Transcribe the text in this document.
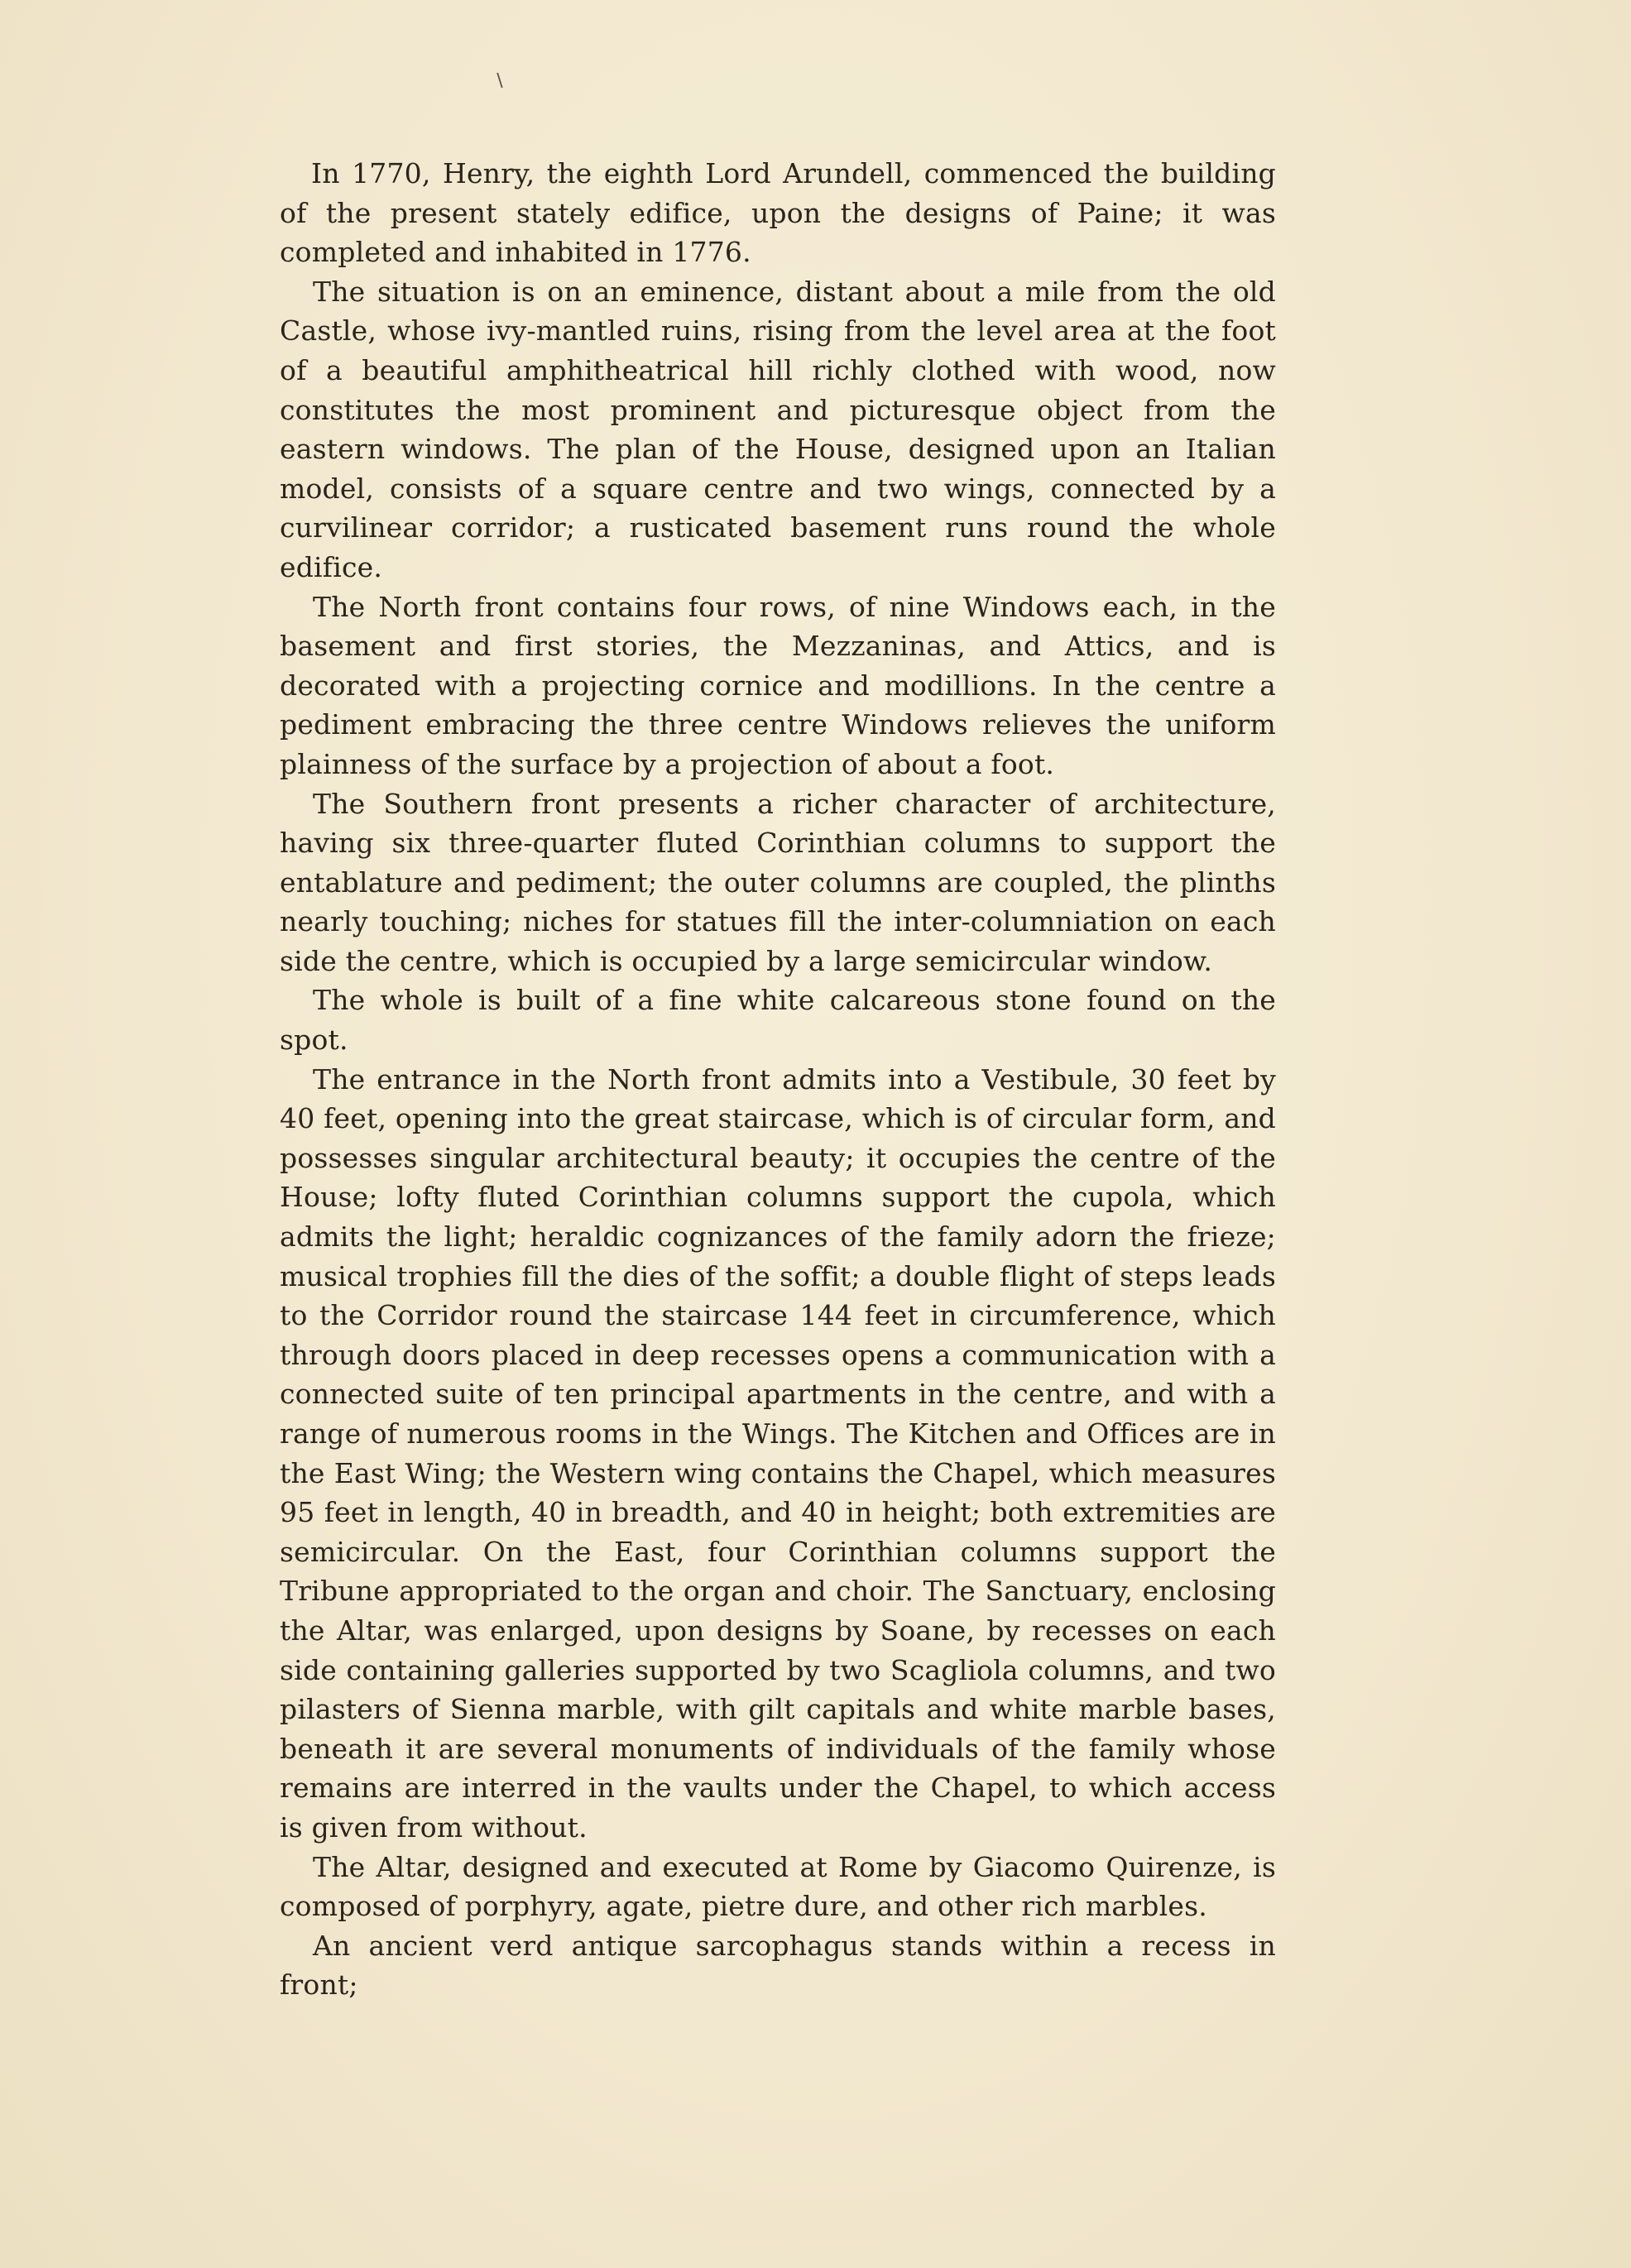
∖

In 1770, Henry, the eighth Lord Arundell, commenced the building of the present stately edifice, upon the designs of Paine; it was completed and inhabited in 1776.

The situation is on an eminence, distant about a mile from the old Castle, whose ivy-mantled ruins, rising from the level area at the foot of a beautiful amphitheatrical hill richly clothed with wood, now constitutes the most prominent and picturesque object from the eastern windows. The plan of the House, designed upon an Italian model, consists of a square centre and two wings, connected by a curvilinear corridor; a rusticated basement runs round the whole edifice.

The North front contains four rows, of nine Windows each, in the basement and first stories, the Mezzaninas, and Attics, and is decorated with a projecting cornice and modillions. In the centre a pediment embracing the three centre Windows relieves the uniform plainness of the surface by a projection of about a foot.

The Southern front presents a richer character of architecture, having six three-quarter fluted Corinthian columns to support the entablature and pediment; the outer columns are coupled, the plinths nearly touching; niches for statues fill the inter-columniation on each side the centre, which is occupied by a large semicircular window.

The whole is built of a fine white calcareous stone found on the spot.

The entrance in the North front admits into a Vestibule, 30 feet by 40 feet, opening into the great staircase, which is of circular form, and possesses singular architectural beauty; it occupies the centre of the House; lofty fluted Corinthian columns support the cupola, which admits the light; heraldic cognizances of the family adorn the frieze; musical trophies fill the dies of the soffit; a double flight of steps leads to the Corridor round the staircase 144 feet in circumference, which through doors placed in deep recesses opens a communication with a connected suite of ten principal apartments in the centre, and with a range of numerous rooms in the Wings. The Kitchen and Offices are in the East Wing; the Western wing contains the Chapel, which measures 95 feet in length, 40 in breadth, and 40 in height; both extremities are semicircular. On the East, four Corinthian columns support the Tribune appropriated to the organ and choir. The Sanctuary, enclosing the Altar, was enlarged, upon designs by Soane, by recesses on each side containing galleries supported by two Scagliola columns, and two pilasters of Sienna marble, with gilt capitals and white marble bases, beneath it are several monuments of individuals of the family whose remains are interred in the vaults under the Chapel, to which access is given from without.

The Altar, designed and executed at Rome by Giacomo Quirenze, is composed of porphyry, agate, pietre dure, and other rich marbles.

An ancient verd antique sarcophagus stands within a recess in front;
